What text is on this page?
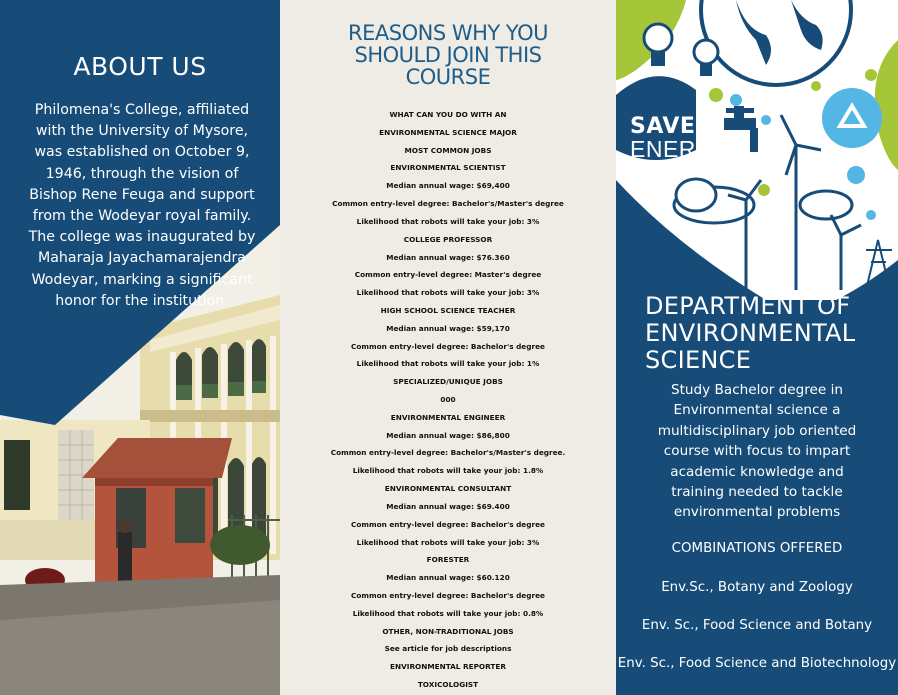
ABOUT US
Philomena's College, affiliated with the University of Mysore, was established on October 9, 1946, through the vision of Bishop Rene Feuga and support from the Wodeyar royal family. The college was inaugurated by Maharaja Jayachamarajendra Wodeyar, marking a significant honor for the institution.
REASONS WHY YOU
SHOULD JOIN THIS
COURSE
WHAT CAN YOU DO WITH AN
ENVIRONMENTAL SCIENCE MAJOR
MOST COMMON JOBS
ENVIRONMENTAL SCIENTIST
Median annual wage: $69,400
Common entry-level degree: Bachelor's/Master's degree
Likelihood that robots will take your job: 3%
COLLEGE PROFESSOR
Median annual wage: $76.360
Common entry-level degree: Master's degree
Likelihood that robots will take your job: 3%
HIGH SCHOOL SCIENCE TEACHER
Median annual wage: $59,170
Common entry-level degree: Bachelor's degree
Likelihood that robots will take your job: 1%
SPECIALIZED/UNIQUE JOBS
000
ENVIRONMENTAL ENGINEER
Median annual wage: $86,800
Common entry-level degree: Bachelor's/Master's degree.
Likelihood that robots will take your job: 1.8%
ENVIRONMENTAL CONSULTANT
Median annual wage: $69.400
Common entry-level degree: Bachelor's degree
Likelihood that robots will take your job: 3%
FORESTER
Median annual wage: $60.120
Common entry-level degree: Bachelor's degree
Likelihood that robots will take your job: 0.8%
OTHER, NON-TRADITIONAL JOBS
See article for job descriptions
ENVIRONMENTAL REPORTER
TOXICOLOGIST
SAVE
ENERGY
DEPARTMENT OF
ENVIRONMENTAL
SCIENCE
Study Bachelor degree in
Environmental science a
multidisciplinary job oriented
course with focus to impart
academic knowledge and
training needed to tackle
environmental problems
COMBINATIONS OFFERED
Env.Sc., Botany and Zoology
Env. Sc., Food Science and Botany
Env. Sc., Food Science and Biotechnology
